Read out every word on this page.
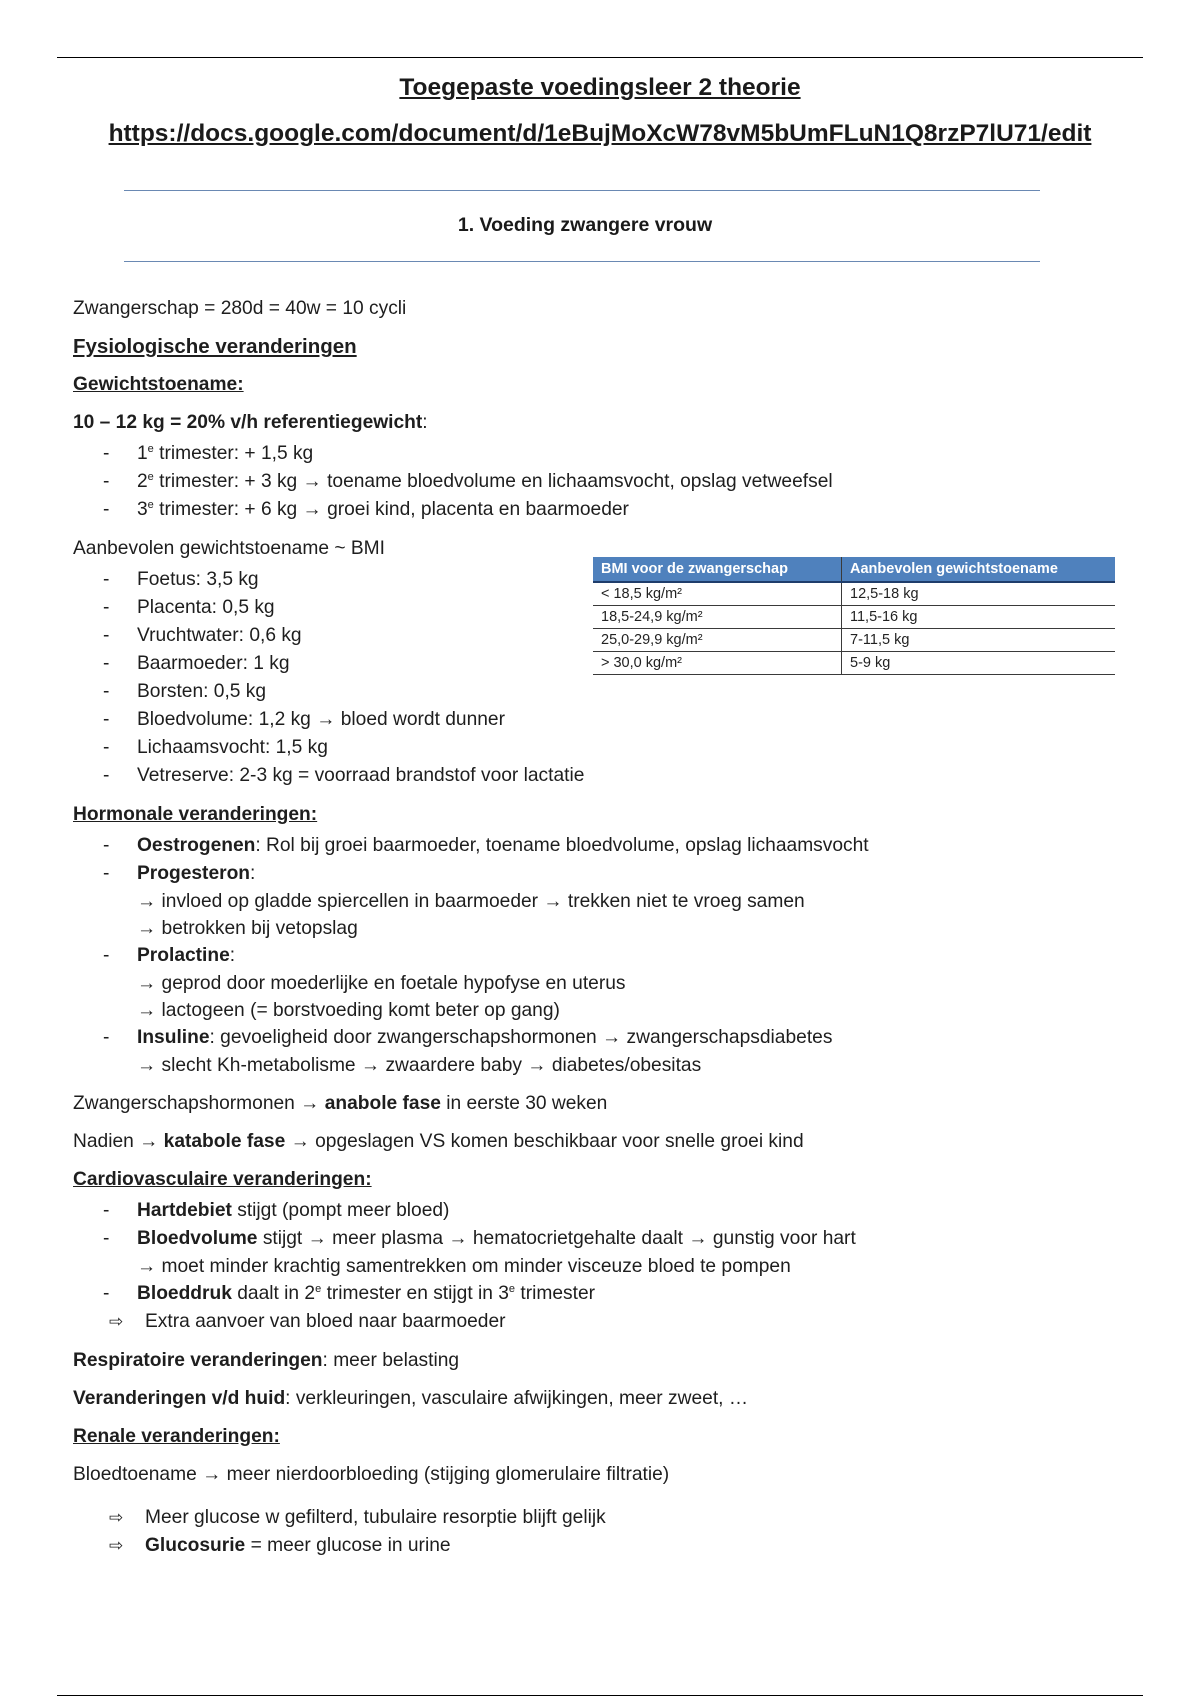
Toegepaste voedingsleer 2 theorie
https://docs.google.com/document/d/1eBujMoXcW78vM5bUmFLuN1Q8rzP7lU71/edit
1. Voeding zwangere vrouw
BMI voor de zwangerschap	Aanbevolen gewichtstoename
< 18,5 kg/m²	12,5-18 kg
18,5-24,9 kg/m²	11,5-16 kg
25,0-29,9 kg/m²	7-11,5 kg
> 30,0 kg/m²	5-9 kg

Zwangerschap = 280d = 40w = 10 cycli

Fysiologische veranderingen

Gewichtstoename:

10 – 12 kg = 20% v/h referentiegewicht:

- 1e trimester: + 1,5 kg
- 2e trimester: + 3 kg → toename bloedvolume en lichaamsvocht, opslag vetweefsel
- 3e trimester: + 6 kg → groei kind, placenta en baarmoeder

Aanbevolen gewichtstoename ~ BMI

- Foetus: 3,5 kg
- Placenta: 0,5 kg
- Vruchtwater: 0,6 kg
- Baarmoeder: 1 kg
- Borsten: 0,5 kg
- Bloedvolume: 1,2 kg → bloed wordt dunner
- Lichaamsvocht: 1,5 kg
- Vetreserve: 2-3 kg = voorraad brandstof voor lactatie

Hormonale veranderingen:

- Oestrogenen: Rol bij groei baarmoeder, toename bloedvolume, opslag lichaamsvocht
- Progesteron:
→ invloed op gladde spiercellen in baarmoeder → trekken niet te vroeg samen
→ betrokken bij vetopslag
- Prolactine:
→ geprod door moederlijke en foetale hypofyse en uterus
→ lactogeen (= borstvoeding komt beter op gang)
- Insuline: gevoeligheid door zwangerschapshormonen → zwangerschapsdiabetes
→ slecht Kh-metabolisme → zwaardere baby → diabetes/obesitas

Zwangerschapshormonen → anabole fase in eerste 30 weken

Nadien → katabole fase → opgeslagen VS komen beschikbaar voor snelle groei kind

Cardiovasculaire veranderingen:

- Hartdebiet stijgt (pompt meer bloed)
- Bloedvolume stijgt → meer plasma → hematocrietgehalte daalt → gunstig voor hart
→ moet minder krachtig samentrekken om minder visceuze bloed te pompen
- Bloeddruk daalt in 2e trimester en stijgt in 3e trimester
⇨ Extra aanvoer van bloed naar baarmoeder

Respiratoire veranderingen: meer belasting

Veranderingen v/d huid: verkleuringen, vasculaire afwijkingen, meer zweet, …

Renale veranderingen:

Bloedtoename → meer nierdoorbloeding (stijging glomerulaire filtratie)

⇨ Meer glucose w gefilterd, tubulaire resorptie blijft gelijk
⇨ Glucosurie = meer glucose in urine
